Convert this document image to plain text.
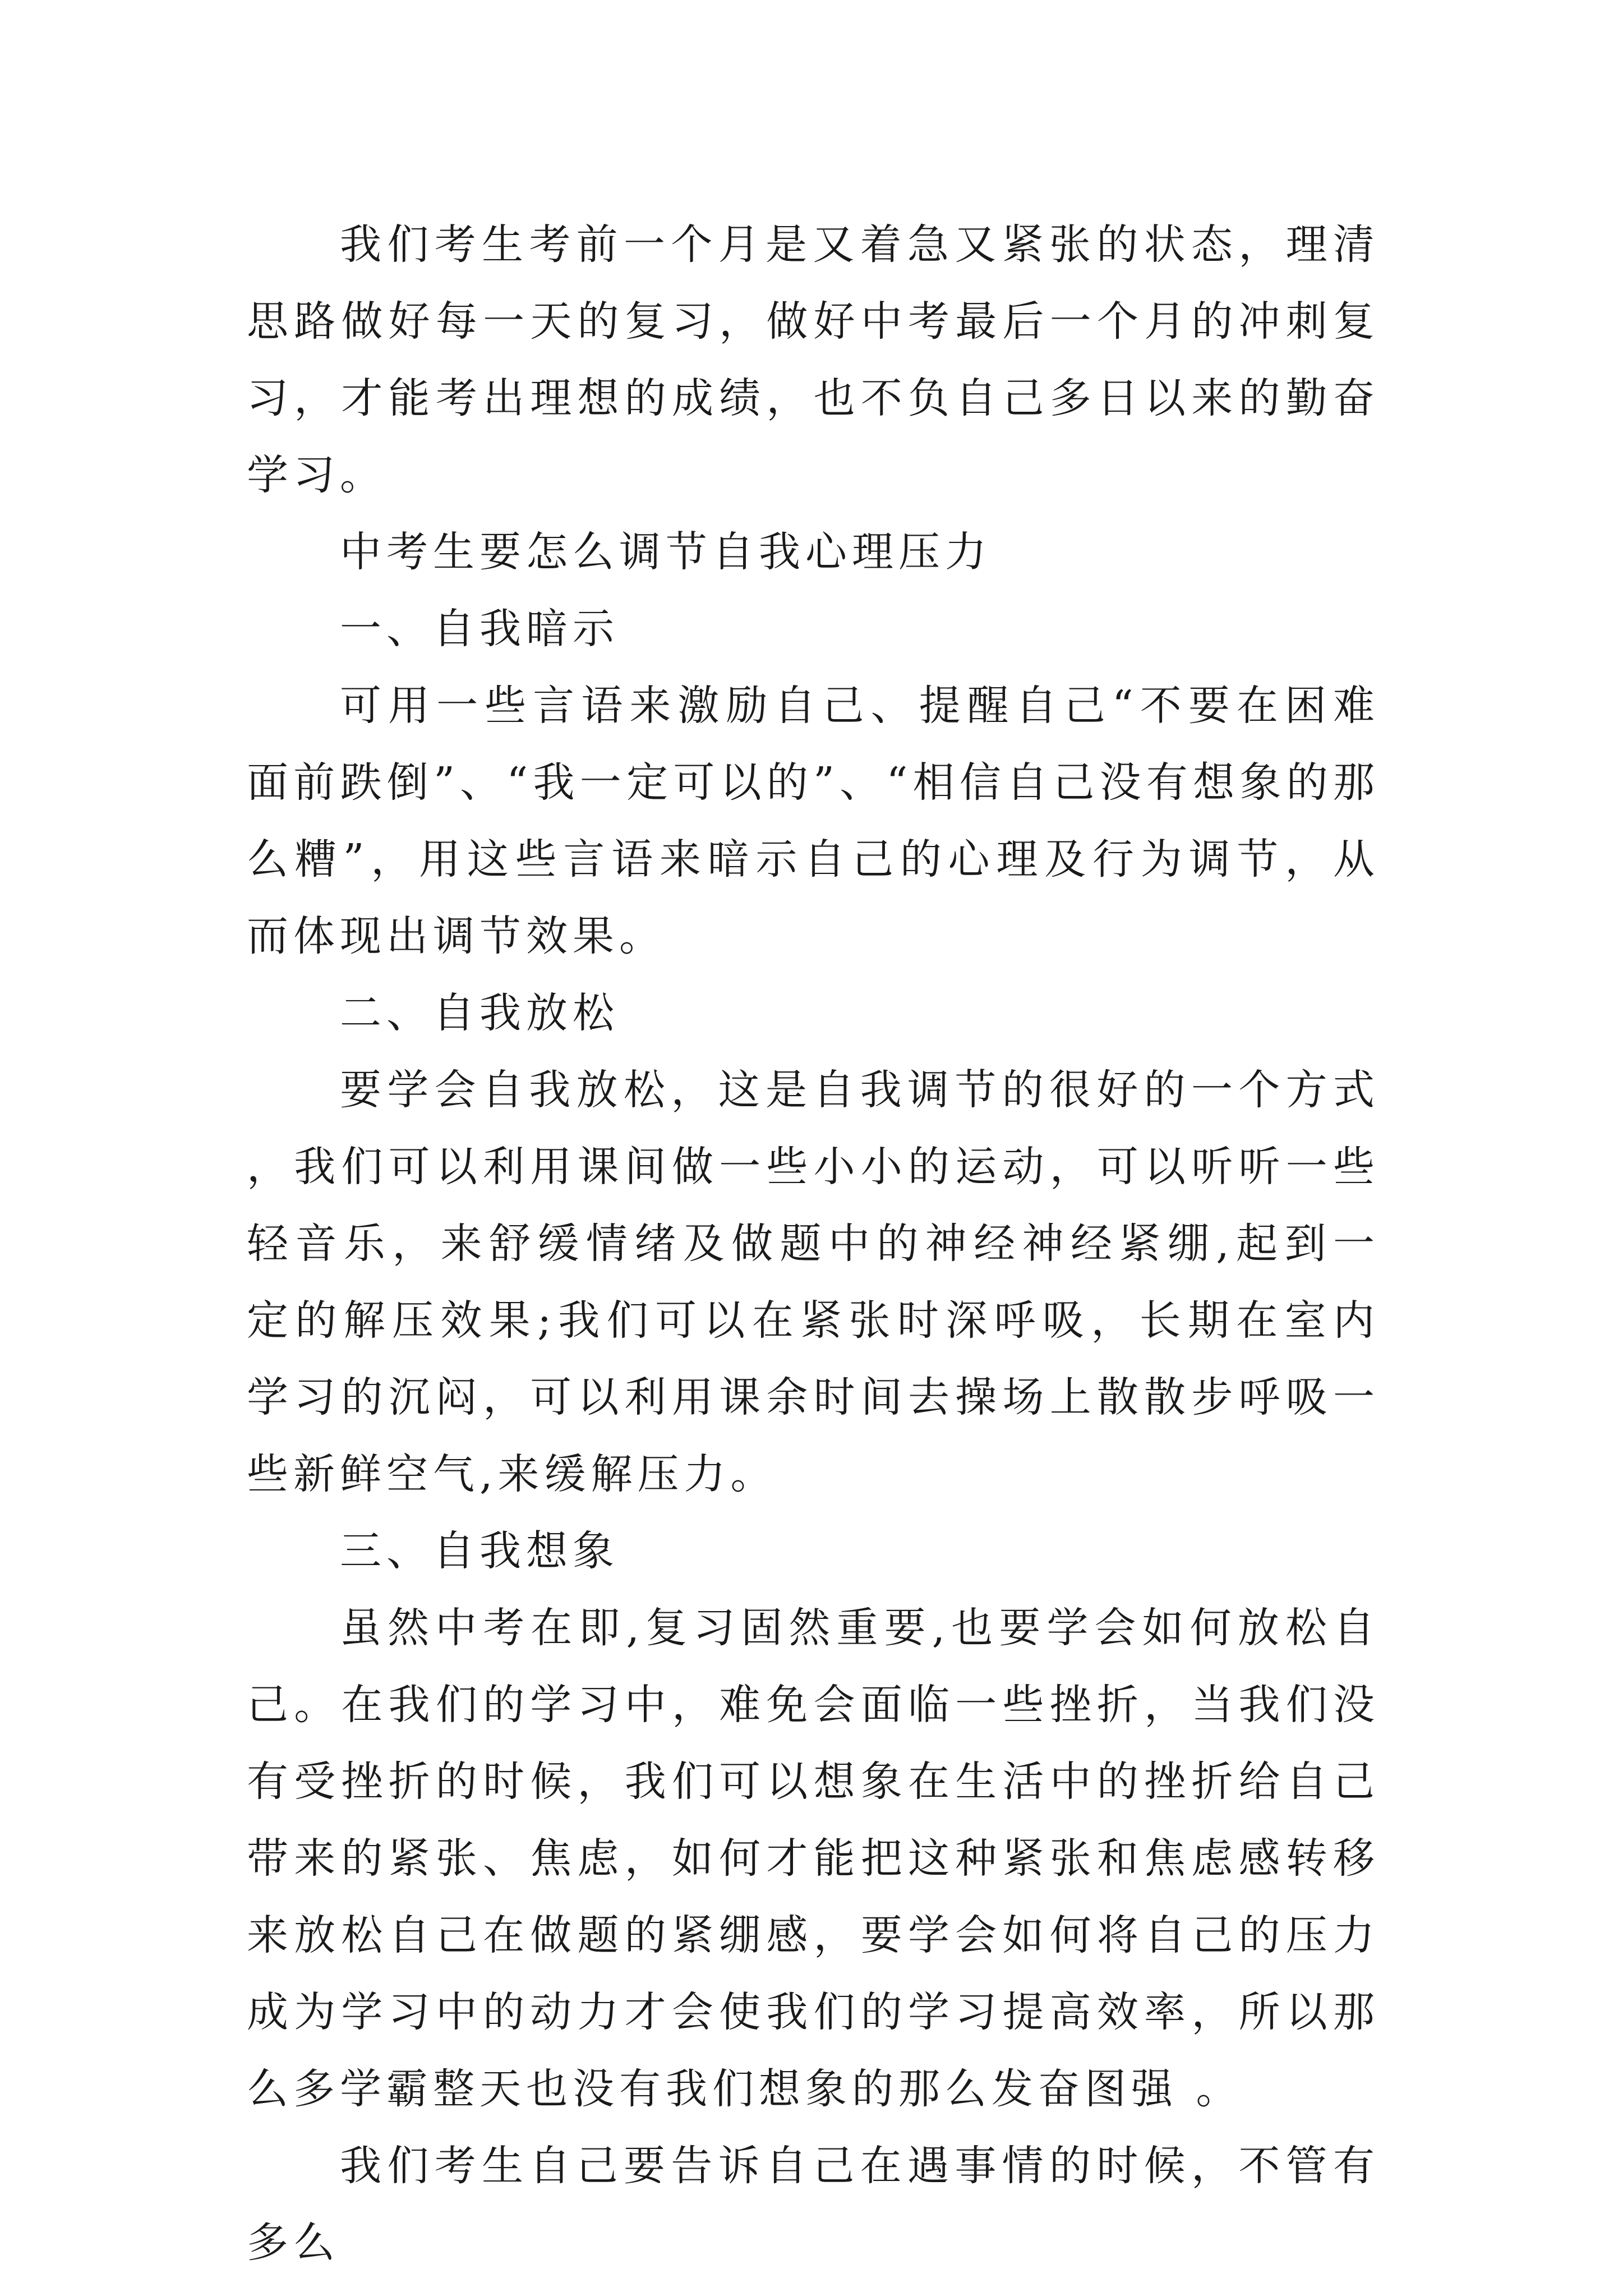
我们考生考前一个月是又着急又紧张的状态，理清思路做好每一天的复习，做好中考最后一个月的冲刺复习，才能考出理想的成绩，也不负自己多日以来的勤奋学习。

中考生要怎么调节自我心理压力

一、自我暗示

可用一些言语来激励自己、提醒自己“不要在困难面前跌倒”、“我一定可以的”、“相信自己没有想象的那么糟”，用这些言语来暗示自己的心理及行为调节，从而体现出调节效果。

二、自我放松

要学会自我放松，这是自我调节的很好的一个方式，我们可以利用课间做一些小小的运动，可以听听一些轻音乐，来舒缓情绪及做题中的神经神经紧绷,起到一定的解压效果;我们可以在紧张时深呼吸，长期在室内学习的沉闷，可以利用课余时间去操场上散散步呼吸一些新鲜空气,来缓解压力。

三、自我想象

虽然中考在即,复习固然重要,也要学会如何放松自己。在我们的学习中，难免会面临一些挫折，当我们没有受挫折的时候，我们可以想象在生活中的挫折给自己带来的紧张、焦虑，如何才能把这种紧张和焦虑感转移来放松自己在做题的紧绷感，要学会如何将自己的压力成为学习中的动力才会使我们的学习提高效率，所以那么多学霸整天也没有我们想象的那么发奋图强 。

我们考生自己要告诉自己在遇事情的时候，不管有多么
